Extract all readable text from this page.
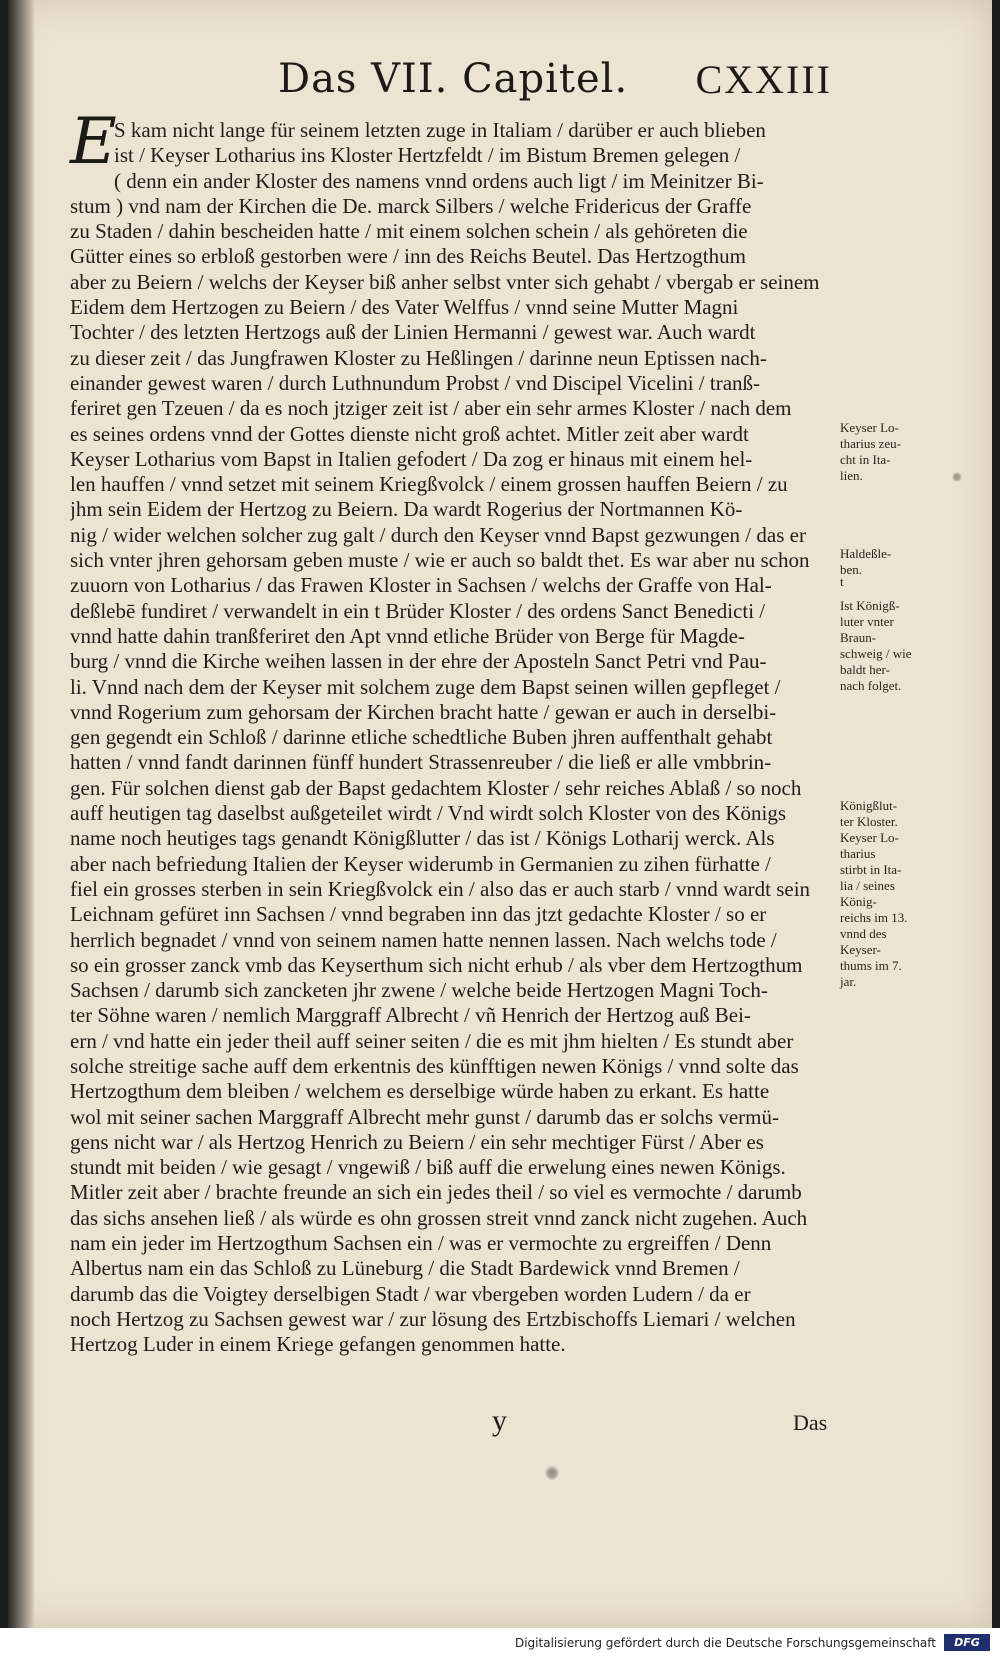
Das VII. Capitel. CXXIII
E
S kam nicht lange für seinem letzten zuge in Italiam / darüber er auch blieben
ist / Keyser Lotharius ins Kloster Hertzfeldt / im Bistum Bremen gelegen /
( denn ein ander Kloster des namens vnnd ordens auch ligt / im Meinitzer Bi-
stum ) vnd nam der Kirchen die De. marck Silbers / welche Fridericus der Graffe
zu Staden / dahin bescheiden hatte / mit einem solchen schein / als gehöreten die
Gütter eines so erbloß gestorben were / inn des Reichs Beutel. Das Hertzogthum
aber zu Beiern / welchs der Keyser biß anher selbst vnter sich gehabt / vbergab er seinem
Eidem dem Hertzogen zu Beiern / des Vater Welffus / vnnd seine Mutter Magni
Tochter / des letzten Hertzogs auß der Linien Hermanni / gewest war. Auch wardt
zu dieser zeit / das Jungfrawen Kloster zu Heßlingen / darinne neun Eptissen nach-
einander gewest waren / durch Luthnundum Probst / vnd Discipel Vicelini / tranß-
feriret gen Tzeuen / da es noch jtziger zeit ist / aber ein sehr armes Kloster / nach dem
es seines ordens vnnd der Gottes dienste nicht groß achtet. Mitler zeit aber wardt
Keyser Lotharius vom Bapst in Italien gefodert / Da zog er hinaus mit einem hel-
len hauffen / vnnd setzet mit seinem Kriegßvolck / einem grossen hauffen Beiern / zu
jhm sein Eidem der Hertzog zu Beiern. Da wardt Rogerius der Nortmannen Kö-
nig / wider welchen solcher zug galt / durch den Keyser vnnd Bapst gezwungen / das er
sich vnter jhren gehorsam geben muste / wie er auch so baldt thet. Es war aber nu schon
zuuorn von Lotharius / das Frawen Kloster in Sachsen / welchs der Graffe von Hal-
deßlebē fundiret / verwandelt in ein t Brüder Kloster / des ordens Sanct Benedicti /
vnnd hatte dahin tranßferiret den Apt vnnd etliche Brüder von Berge für Magde-
burg / vnnd die Kirche weihen lassen in der ehre der Aposteln Sanct Petri vnd Pau-
li. Vnnd nach dem der Keyser mit solchem zuge dem Bapst seinen willen gepfleget /
vnnd Rogerium zum gehorsam der Kirchen bracht hatte / gewan er auch in derselbi-
gen gegendt ein Schloß / darinne etliche schedtliche Buben jhren auffenthalt gehabt
hatten / vnnd fandt darinnen fünff hundert Strassenreuber / die ließ er alle vmbbrin-
gen. Für solchen dienst gab der Bapst gedachtem Kloster / sehr reiches Ablaß / so noch
auff heutigen tag daselbst außgeteilet wirdt / Vnd wirdt solch Kloster von des Königs
name noch heutiges tags genandt Königßlutter / das ist / Königs Lotharij werck. Als
aber nach befriedung Italien der Keyser widerumb in Germanien zu zihen fürhatte /
fiel ein grosses sterben in sein Kriegßvolck ein / also das er auch starb / vnnd wardt sein
Leichnam gefüret inn Sachsen / vnnd begraben inn das jtzt gedachte Kloster / so er
herrlich begnadet / vnnd von seinem namen hatte nennen lassen. Nach welchs tode /
so ein grosser zanck vmb das Keyserthum sich nicht erhub / als vber dem Hertzogthum
Sachsen / darumb sich zancketen jhr zwene / welche beide Hertzogen Magni Toch-
ter Söhne waren / nemlich Marggraff Albrecht / vñ Henrich der Hertzog auß Bei-
ern / vnd hatte ein jeder theil auff seiner seiten / die es mit jhm hielten / Es stundt aber
solche streitige sache auff dem erkentnis des künfftigen newen Königs / vnnd solte das
Hertzogthum dem bleiben / welchem es derselbige würde haben zu erkant. Es hatte
wol mit seiner sachen Marggraff Albrecht mehr gunst / darumb das er solchs vermü-
gens nicht war / als Hertzog Henrich zu Beiern / ein sehr mechtiger Fürst / Aber es
stundt mit beiden / wie gesagt / vngewiß / biß auff die erwelung eines newen Königs.
Mitler zeit aber / brachte freunde an sich ein jedes theil / so viel es vermochte / darumb
das sichs ansehen ließ / als würde es ohn grossen streit vnnd zanck nicht zugehen. Auch
nam ein jeder im Hertzogthum Sachsen ein / was er vermochte zu ergreiffen / Denn
Albertus nam ein das Schloß zu Lüneburg / die Stadt Bardewick vnnd Bremen /
darumb das die Voigtey derselbigen Stadt / war vbergeben worden Ludern / da er
noch Hertzog zu Sachsen gewest war / zur lösung des Ertzbischoffs Liemari / welchen
Hertzog Luder in einem Kriege gefangen genommen hatte.
Keyser Lo-
tharius zeu-
cht in Ita-
lien.
Haldeßle-
ben.
t
Ist Königß-
luter vnter
Braun-
schweig / wie
baldt her-
nach folget.
Königßlut-
ter Kloster.
Keyser Lo-
tharius
stirbt in Ita-
lia / seines
König-
reichs im 13.
vnnd des
Keyser-
thums im 7.
jar.
y	Das
Digitalisierung gefördert durch die Deutsche Forschungsgemeinschaft	DFG
